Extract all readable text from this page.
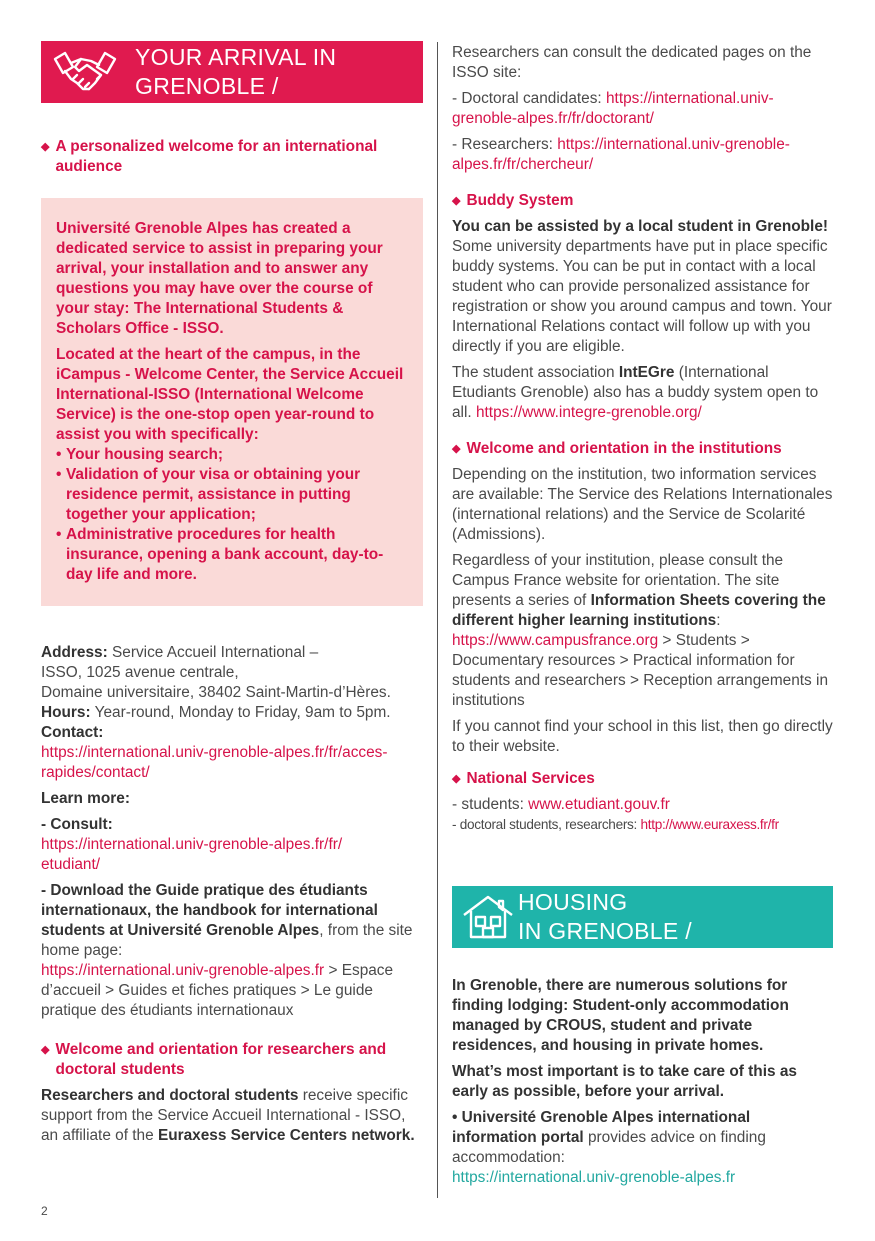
YOUR ARRIVAL IN
GRENOBLE /
◆ A personalized welcome for an international audience

Université Grenoble Alpes has created a dedicated service to assist in preparing your arrival, your installation and to answer any questions you may have over the course of your stay: The International Students & Scholars Office - ISSO.

Located at the heart of the campus, in the iCampus - Welcome Center, the Service Accueil International-ISSO (International Welcome Service) is the one-stop open year-round to assist you with specifically:

• Your housing search;
• Validation of your visa or obtaining your residence permit, assistance in putting together your application;
• Administrative procedures for health insurance, opening a bank account, day-to-day life and more.
Address: Service Accueil International –
ISSO, 1025 avenue centrale,
Domaine universitaire, 38402 Saint-Martin-d’Hères.
Hours: Year-round, Monday to Friday, 9am to 5pm.
Contact:
https://international.univ-grenoble-alpes.fr/fr/acces-
rapides/contact/

Learn more:

- Consult:
https://international.univ-grenoble-alpes.fr/fr/
etudiant/

- Download the Guide pratique des étudiants internationaux, the handbook for international students at Université Grenoble Alpes, from the site home page:
https://international.univ-grenoble-alpes.fr > Espace d’accueil > Guides et fiches pratiques > Le guide pratique des étudiants internationaux

◆ Welcome and orientation for researchers and doctoral students

Researchers and doctoral students receive specific support from the Service Accueil International - ISSO, an affiliate of the Euraxess Service Centers network.

2

Researchers can consult the dedicated pages on the ISSO site:

- Doctoral candidates: https://international.univ-
grenoble-alpes.fr/fr/doctorant/

- Researchers: https://international.univ-grenoble-
alpes.fr/fr/chercheur/

◆ Buddy System

You can be assisted by a local student in Grenoble!
Some university departments have put in place specific buddy systems. You can be put in contact with a local student who can provide personalized assistance for registration or show you around campus and town. Your International Relations contact will follow up with you directly if you are eligible.

The student association IntEGre (International Etudiants Grenoble) also has a buddy system open to all. https://www.integre-grenoble.org/

◆ Welcome and orientation in the institutions

Depending on the institution, two information services are available: The Service des Relations Internationales (international relations) and the Service de Scolarité (Admissions).

Regardless of your institution, please consult the Campus France website for orientation. The site presents a series of Information Sheets covering the different higher learning institutions:
https://www.campusfrance.org > Students > Documentary resources > Practical information for students and researchers > Reception arrangements in institutions

If you cannot find your school in this list, then go directly to their website.

◆ National Services

- students: www.etudiant.gouv.fr

- doctoral students, researchers: http://www.euraxess.fr/fr

HOUSING
IN GRENOBLE /

In Grenoble, there are numerous solutions for finding lodging: Student-only accommodation managed by CROUS, student and private residences, and housing in private homes.

What’s most important is to take care of this as early as possible, before your arrival.

• Université Grenoble Alpes international information portal provides advice on finding accommodation:
https://international.univ-grenoble-alpes.fr
